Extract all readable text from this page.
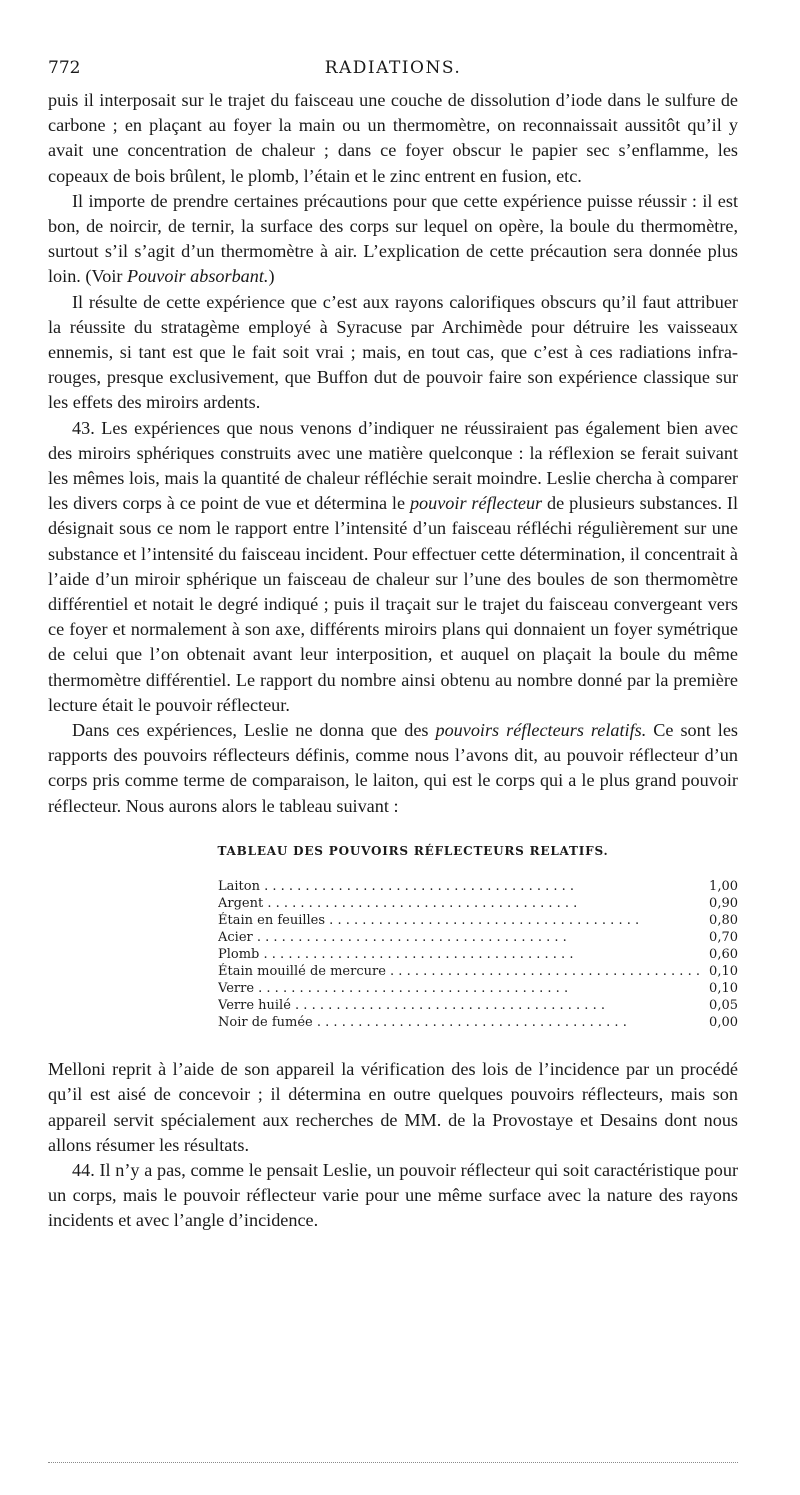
772	RADIATIONS.

puis il interposait sur le trajet du faisceau une couche de dissolution d’iode dans le sulfure de carbone ; en plaçant au foyer la main ou un thermomètre, on reconnaissait aussitôt qu’il y avait une concentration de chaleur ; dans ce foyer obscur le papier sec s’enflamme, les copeaux de bois brûlent, le plomb, l’étain et le zinc entrent en fusion, etc.

Il importe de prendre certaines précautions pour que cette expérience puisse réussir : il est bon, de noircir, de ternir, la surface des corps sur lequel on opère, la boule du thermomètre, surtout s’il s’agit d’un thermomètre à air. L’explication de cette précaution sera donnée plus loin. (Voir Pouvoir absorbant.)

Il résulte de cette expérience que c’est aux rayons calorifiques obscurs qu’il faut attribuer la réussite du stratagème employé à Syracuse par Archimède pour détruire les vaisseaux ennemis, si tant est que le fait soit vrai ; mais, en tout cas, que c’est à ces radiations infra-rouges, presque exclusivement, que Buffon dut de pouvoir faire son expérience classique sur les effets des miroirs ardents.

43. Les expériences que nous venons d’indiquer ne réussiraient pas également bien avec des miroirs sphériques construits avec une matière quelconque : la réflexion se ferait suivant les mêmes lois, mais la quantité de chaleur réfléchie serait moindre. Leslie chercha à comparer les divers corps à ce point de vue et détermina le pouvoir réflecteur de plusieurs substances. Il désignait sous ce nom le rapport entre l’intensité d’un faisceau réfléchi régulièrement sur une substance et l’intensité du faisceau incident. Pour effectuer cette détermination, il concentrait à l’aide d’un miroir sphérique un faisceau de chaleur sur l’une des boules de son thermomètre différentiel et notait le degré indiqué ; puis il traçait sur le trajet du faisceau convergeant vers ce foyer et normalement à son axe, différents miroirs plans qui donnaient un foyer symétrique de celui que l’on obtenait avant leur interposition, et auquel on plaçait la boule du même thermomètre différentiel. Le rapport du nombre ainsi obtenu au nombre donné par la première lecture était le pouvoir réflecteur.

Dans ces expériences, Leslie ne donna que des pouvoirs réflecteurs relatifs. Ce sont les rapports des pouvoirs réflecteurs définis, comme nous l’avons dit, au pouvoir réflecteur d’un corps pris comme terme de comparaison, le laiton, qui est le corps qui a le plus grand pouvoir réflecteur. Nous aurons alors le tableau suivant :

TABLEAU DES POUVOIRS RÉFLECTEURS RELATIFS.
Laiton . . .	1,00
Argent . . .	0,90
Étain en feuilles . . .	0,80
Acier . . .	0,70
Plomb . . .	0,60
Étain mouillé de mercure . . .	0,10
Verre . . .	0,10
Verre huilé . . .	0,05
Noir de fumée . . .	0,00

Melloni reprit à l’aide de son appareil la vérification des lois de l’incidence par un procédé qu’il est aisé de concevoir ; il détermina en outre quelques pouvoirs réflecteurs, mais son appareil servit spécialement aux recherches de MM. de la Provostaye et Desains dont nous allons résumer les résultats.

44. Il n’y a pas, comme le pensait Leslie, un pouvoir réflecteur qui soit caractéristique pour un corps, mais le pouvoir réflecteur varie pour une même surface avec la nature des rayons incidents et avec l’angle d’incidence.
